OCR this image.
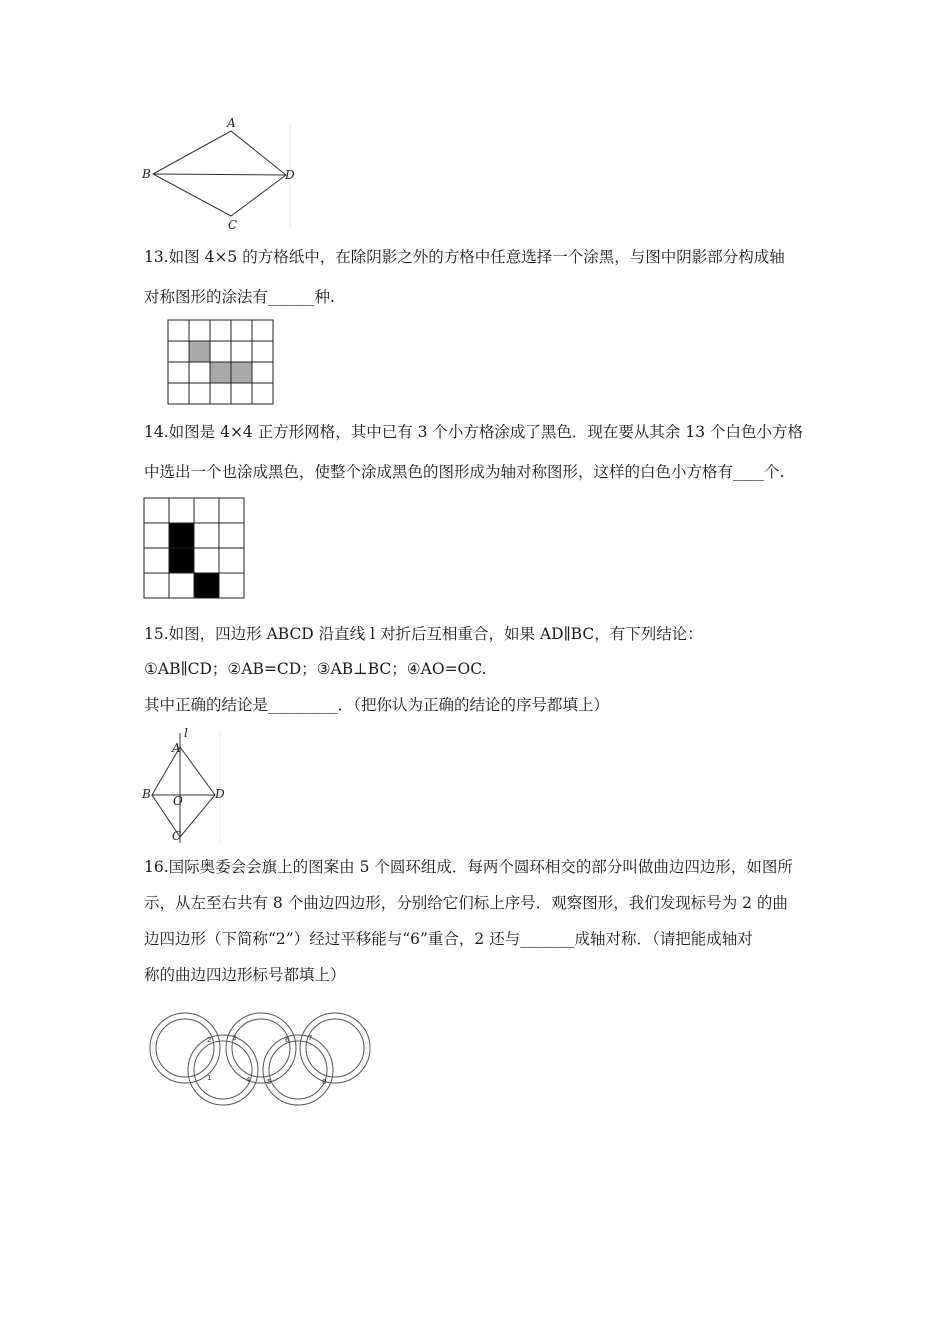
A
B
C
D
13.如图 4×5 的方格纸中，在除阴影之外的方格中任意选择一个涂黑，与图中阴影部分构成轴
对称图形的涂法有______种.
14.如图是 4×4 正方形网格，其中已有 3 个小方格涂成了黑色．现在要从其余 13 个白色小方格
中选出一个也涂成黑色，使整个涂成黑色的图形成为轴对称图形，这样的白色小方格有____个.
15.如图，四边形 ABCD 沿直线 l 对折后互相重合，如果 AD∥BC，有下列结论：
①AB∥CD；②AB=CD；③AB⊥BC；④AO=OC.
其中正确的结论是_________．（把你认为正确的结论的序号都填上）
l
A
B O	D
C
16.国际奥委会会旗上的图案由 5 个圆环组成．每两个圆环相交的部分叫做曲边四边形，如图所
示，从左至右共有 8 个曲边四边形，分别给它们标上序号．观察图形，我们发现标号为 2 的曲
边四边形（下简称“2”）经过平移能与“6”重合，2 还与_______成轴对称．（请把能成轴对
称的曲边四边形标号都填上）
2	3
1	4
6	7
5	8
